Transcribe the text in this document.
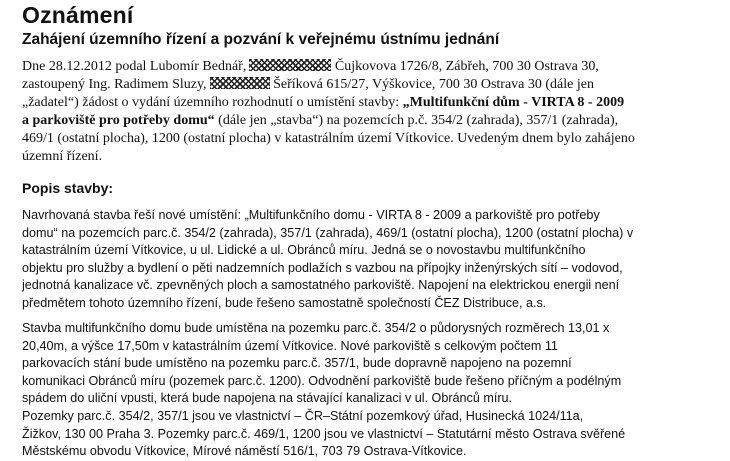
Oznámení
Zahájení územního řízení a pozvání k veřejnému ústnímu jednání
Dne 28.12.2012 podal Lubomír Bednář,	Čujkovova 1726/8, Zábřeh, 700 30 Ostrava 30,
zastoupený Ing. Radimem Sluzy,	Šeříková 615/27, Výškovice, 700 30 Ostrava 30 (dále jen
„žadatel“) žádost o vydání územního rozhodnutí o umístění stavby: „Multifunkční dům - VIRTA 8 - 2009
a parkoviště pro potřeby domu“ (dále jen „stavba“) na pozemcích p.č. 354/2 (zahrada), 357/1 (zahrada),
469/1 (ostatní plocha), 1200 (ostatní plocha) v katastrálním území Vítkovice. Uvedeným dnem bylo zahájeno
územní řízení.
Popis stavby:
Navrhovaná stavba řeší nové umístění: „Multifunkčního domu - VIRTA 8 - 2009 a parkoviště pro potřeby
domu“ na pozemcích parc.č. 354/2 (zahrada), 357/1 (zahrada), 469/1 (ostatní plocha), 1200 (ostatní plocha) v
katastrálním území Vítkovice, u ul. Lidické a ul. Obránců míru. Jedná se o novostavbu multifunkčního
objektu pro služby a bydlení o pěti nadzemních podlažích s vazbou na přípojky inženýrských sítí – vodovod,
jednotná kanalizace vč. zpevněných ploch a samostatného parkoviště. Napojení na elektrickou energii není
předmětem tohoto územního řízení, bude řešeno samostatně společností ČEZ Distribuce, a.s.
Stavba multifunkčního domu bude umístěna na pozemku parc.č. 354/2 o půdorysných rozměrech 13,01 x
20,40m, a výšce 17,50m v katastrálním území Vítkovice. Nové parkoviště s celkovým počtem 11
parkovacích stání bude umístěno na pozemku parc.č. 357/1, bude dopravně napojeno na pozemní
komunikaci Obránců míru (pozemek parc.č. 1200). Odvodnění parkoviště bude řešeno příčným a podélným
spádem do uliční vpusti, která bude napojena na stávající kanalizaci v ul. Obránců míru.
Pozemky parc.č. 354/2, 357/1 jsou ve vlastnictví – ČR–Státní pozemkový úřad, Husinecká 1024/11a,
Žižkov, 130 00 Praha 3. Pozemky parc.č. 469/1, 1200 jsou ve vlastnictví – Statutární město Ostrava svěřené
Městskému obvodu Vítkovice, Mírové náměstí 516/1, 703 79 Ostrava-Vítkovice.
